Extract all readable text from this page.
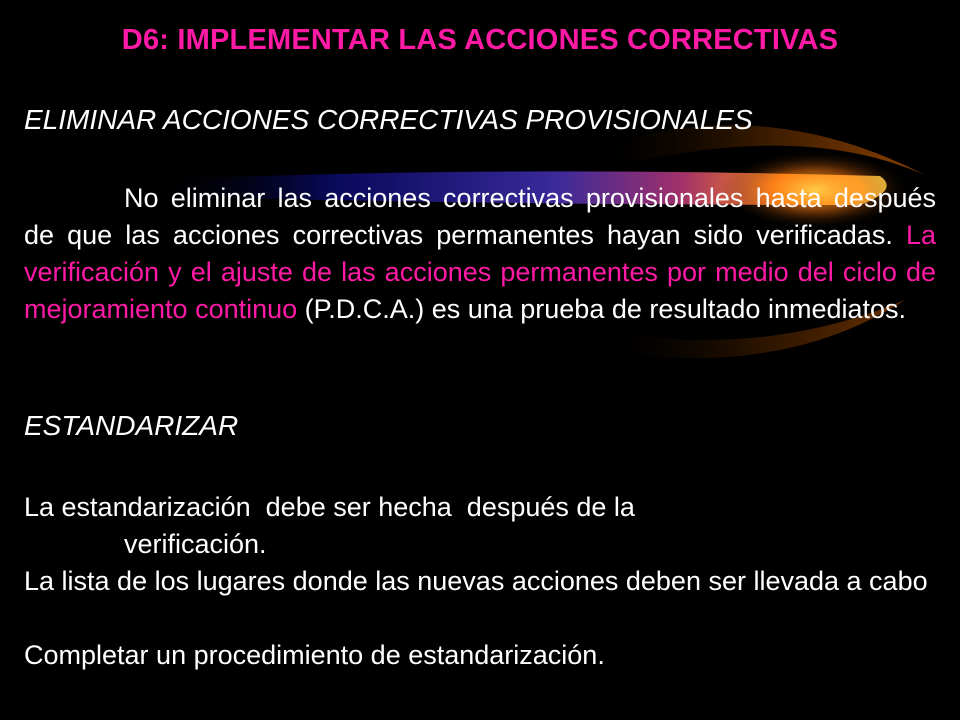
D6: IMPLEMENTAR LAS ACCIONES CORRECTIVAS
ELIMINAR ACCIONES CORRECTIVAS PROVISIONALES
No eliminar las acciones correctivas provisionales hasta después de que las acciones correctivas permanentes hayan sido verificadas. La verificación y el ajuste de las acciones permanentes por medio del ciclo de mejoramiento continuo (P.D.C.A.) es una prueba de resultado inmediatos.
ESTANDARIZAR
La estandarización  debe ser hecha  después de la
verificación.
La lista de los lugares donde las nuevas acciones deben ser llevada a cabo
Completar un procedimiento de estandarización.
